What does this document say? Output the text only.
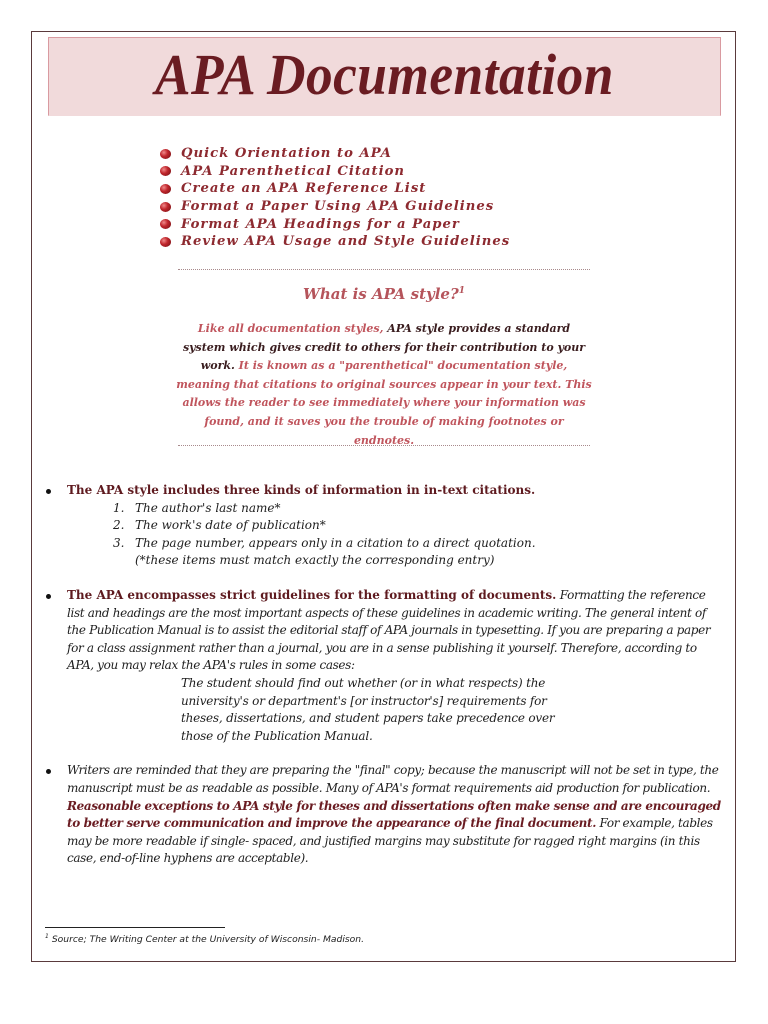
APA Documentation
Quick Orientation to APA
APA Parenthetical Citation
Create an APA Reference List
Format a Paper Using APA Guidelines
Format APA Headings for a Paper
Review APA Usage and Style Guidelines
What is APA style?$^1$

Like all documentation styles, APA style provides a standard system which gives credit to others for their contribution to your work. It is known as a "parenthetical" documentation style, meaning that citations to original sources appear in your text. This allows the reader to see immediately where your information was found, and it saves you the trouble of making footnotes or endnotes.

The APA style includes three kinds of information in in-text citations.
1. The author's last name*
2. The work's date of publication*
3. The page number, appears only in a citation to a direct quotation.
(*these items must match exactly the corresponding entry)
The APA encompasses strict guidelines for the formatting of documents. Formatting the reference list and headings are the most important aspects of these guidelines in academic writing. The general intent of the Publication Manual is to assist the editorial staff of APA journals in typesetting. If you are preparing a paper for a class assignment rather than a journal, you are in a sense publishing it yourself. Therefore, according to APA, you may relax the APA's rules in some cases:
The student should find out whether (or in what respects) the university's or department's [or instructor's] requirements for theses, dissertations, and student papers take precedence over those of the Publication Manual.
Writers are reminded that they are preparing the "final" copy; because the manuscript will not be set in type, the manuscript must be as readable as possible. Many of APA's format requirements aid production for publication. Reasonable exceptions to APA style for theses and dissertations often make sense and are encouraged to better serve communication and improve the appearance of the final document. For example, tables may be more readable if single- spaced, and justified margins may substitute for ragged right margins (in this case, end-of-line hyphens are acceptable).
$^1$ Source; The Writing Center at the University of Wisconsin- Madison.
